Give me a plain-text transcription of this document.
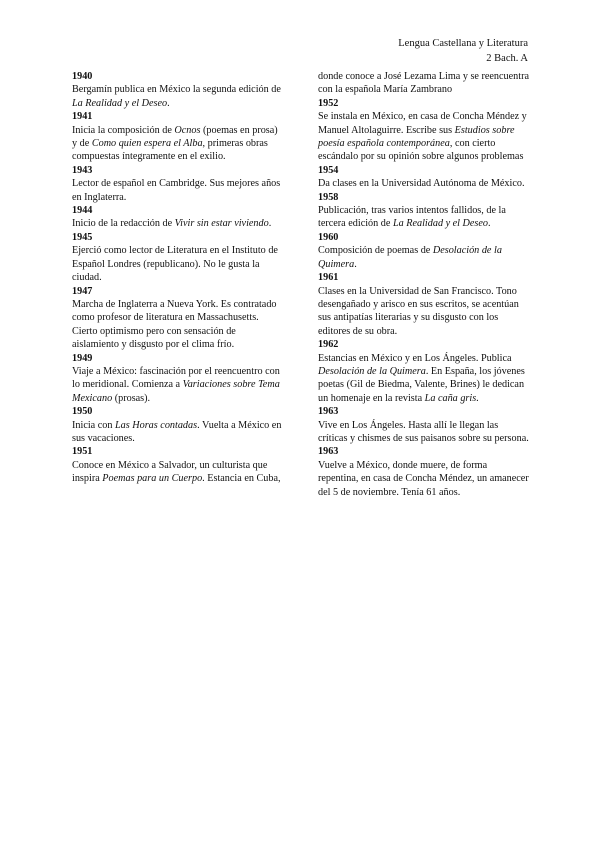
Lengua Castellana y Literatura
2 Bach. A
1940
Bergamín publica en México la segunda edición de La Realidad y el Deseo.
1941
Inicia la composición de Ocnos (poemas en prosa) y de Como quien espera el Alba, primeras obras compuestas íntegramente en el exilio.
1943
Lector de español en Cambridge. Sus mejores años en Inglaterra.
1944
Inicio de la redacción de Vivir sin estar viviendo.
1945
Ejerció como lector de Literatura en el Instituto de Español Londres (republicano). No le gusta la ciudad.
1947
Marcha de Inglaterra a Nueva York. Es contratado como profesor de literatura en Massachusetts. Cierto optimismo pero con sensación de aislamiento y disgusto por el clima frío.
1949
Viaje a México: fascinación por el reencuentro con lo meridional. Comienza a Variaciones sobre Tema Mexicano (prosas).
1950
Inicia con Las Horas contadas. Vuelta a México en sus vacaciones.
1951
Conoce en México a Salvador, un culturista que inspira Poemas para un Cuerpo. Estancia en Cuba,
donde conoce a José Lezama Lima y se reencuentra con la española María Zambrano
1952
Se instala en México, en casa de Concha Méndez y Manuel Altolaguirre. Escribe sus Estudios sobre poesía española contemporánea, con cierto escándalo por su opinión sobre algunos problemas
1954
Da clases en la Universidad Autónoma de México.
1958
Publicación, tras varios intentos fallidos, de la tercera edición de La Realidad y el Deseo.
1960
Composición de poemas de Desolación de la Quimera.
1961
Clases en la Universidad de San Francisco. Tono desengañado y arisco en sus escritos, se acentúan sus antipatías literarias y su disgusto con los editores de su obra.
1962
Estancias en México y en Los Ángeles. Publica Desolación de la Quimera. En España, los jóvenes poetas (Gil de Biedma, Valente, Brines) le dedican un homenaje en la revista La caña gris.
1963
Vive en Los Ángeles. Hasta allí le llegan las críticas y chismes de sus paisanos sobre su persona.
1963
Vuelve a México, donde muere, de forma repentina, en casa de Concha Méndez, un amanecer del 5 de noviembre. Tenía 61 años.
